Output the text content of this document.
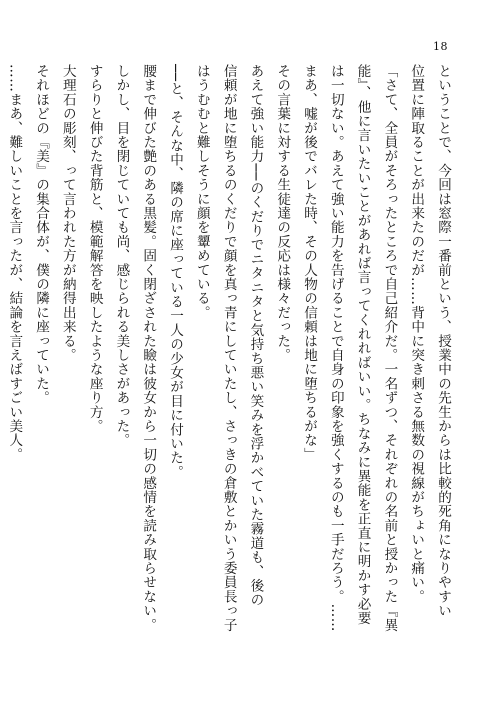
18

ということで、今回は窓際一番前という、授業中の先生からは比較的死角になりやすい

位置に陣取ることが出来たのだが……背中に突き刺さる無数の視線がちょいと痛い。

「さて、全員がそろったところで自己紹介だ。一名ずつ、それぞれの名前と授かった『異

能』、他に言いたいことがあれば言ってくれればいい。ちなみに異能を正直に明かす必要

は一切ない。あえて強い能力を告げることで自身の印象を強くするのも一手だろう。……

まあ、嘘が後でバレた時、その人物の信頼は地に堕ちるがな」

その言葉に対する生徒達の反応は様々だった。

あえて強い能力──のくだりでニタニタと気持ち悪い笑みを浮かべていた霧道も、後の

信頼が地に堕ちるのくだりで顔を真っ青にしていたし、さっきの倉敷とかいう委員長っ子

はうむむと難しそうに顔を顰めている。

──と、そんな中、隣の席に座っている一人の少女が目に付いた。

腰まで伸びた艶のある黒髪。固く閉ざされた瞼は彼女から一切の感情を読み取らせない。

しかし、目を閉じていても尚、感じられる美しさがあった。

すらりと伸びた背筋と、模範解答を映したような座り方。

大理石の彫刻、って言われた方が納得出来る。

それほどの『美』の集合体が、僕の隣に座っていた。

……まあ、難しいことを言ったが、結論を言えばすごい美人。
